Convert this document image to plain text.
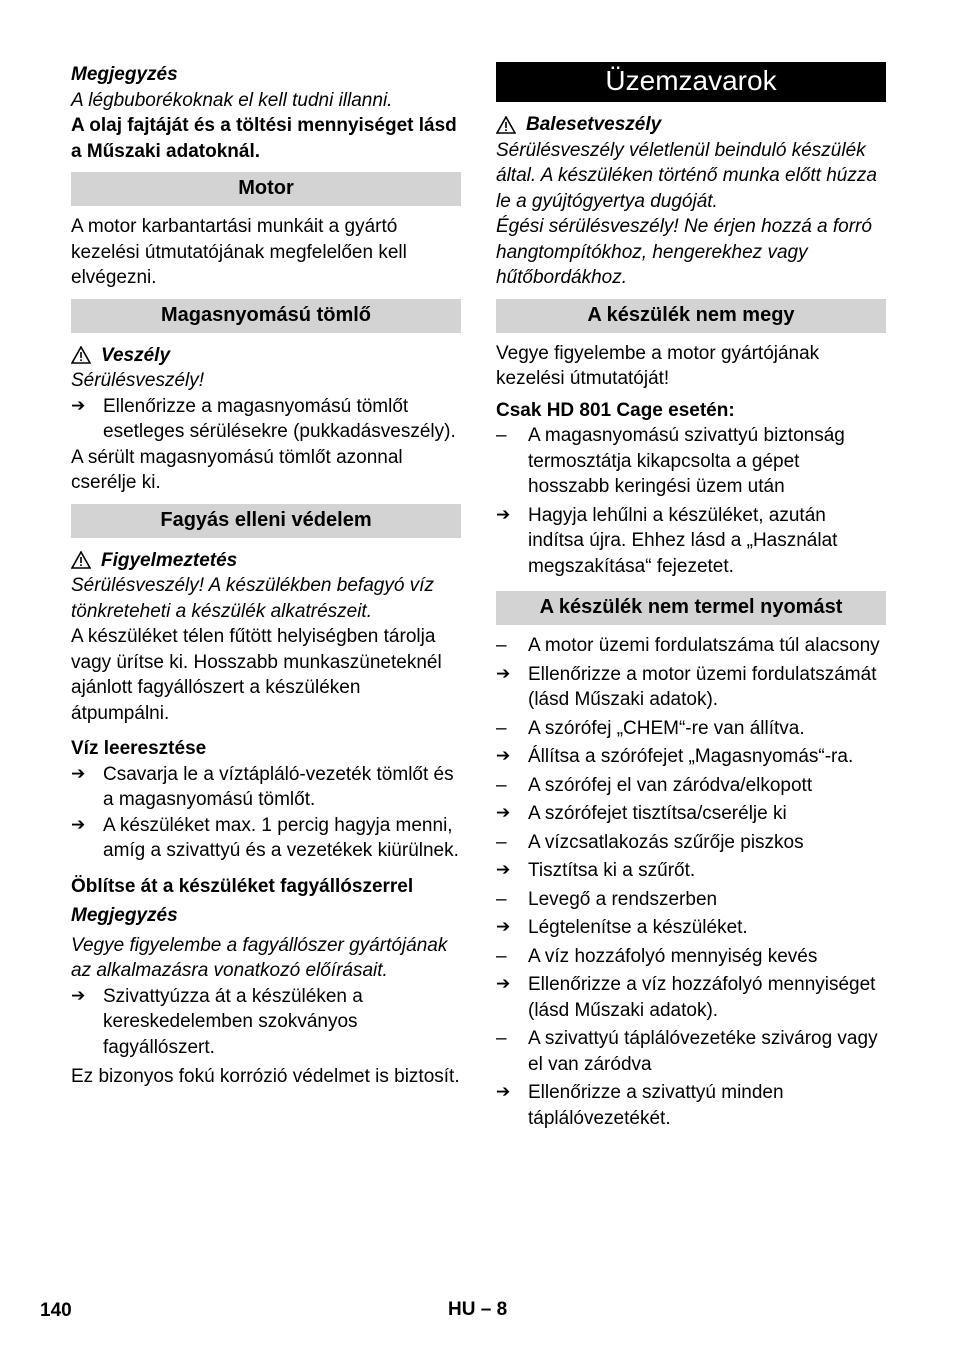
Megjegyzés

A légbuborékoknak el kell tudni illanni.

A olaj fajtáját és a töltési mennyiséget lásd a Műszaki adatoknál.

Motor

A motor karbantartási munkáit a gyártó kezelési útmutatójának megfelelően kell elvégezni.

Magasnyomású tömlő
Veszély

Sérülésveszély!

➔ Ellenőrizze a magasnyomású tömlőt esetleges sérülésekre (pukkadásveszély).

A sérült magasnyomású tömlőt azonnal cserélje ki.

Fagyás elleni védelem
Figyelmeztetés

Sérülésveszély! A készülékben befagyó víz tönkreteheti a készülék alkatrészeit.

A készüléket télen fűtött helyiségben tárolja vagy ürítse ki. Hosszabb munkaszüneteknél ajánlott fagyállószert a készüléken átpumpálni.

Víz leeresztése

➔ Csavarja le a víztápláló-vezeték tömlőt és a magasnyomású tömlőt.
➔ A készüléket max. 1 percig hagyja menni, amíg a szivattyú és a vezetékek kiürülnek.

Öblítse át a készüléket fagyállószerrel

Megjegyzés

Vegye figyelembe a fagyállószer gyártójának az alkalmazásra vonatkozó előírásait.

➔ Szivattyúzza át a készüléken a kereskedelemben szokványos fagyállószert.

Ez bizonyos fokú korrózió védelmet is biztosít.

Üzemzavarok
Balesetveszély

Sérülésveszély véletlenül beinduló készülék által. A készüléken történő munka előtt húzza le a gyújtógyertya dugóját.

Égési sérülésveszély! Ne érjen hozzá a forró hangtompítókhoz, hengerekhez vagy hűtőbordákhoz.

A készülék nem megy

Vegye figyelembe a motor gyártójának kezelési útmutatóját!

Csak HD 801 Cage esetén:

–	A magasnyomású szivattyú biztonság termosztátja kikapcsolta a gépet hosszabb keringési üzem után
➔ Hagyja lehűlni a készüléket, azután indítsa újra. Ehhez lásd a „Használat megszakítása“ fejezetet.
A készülék nem termel nyomást
–	A motor üzemi fordulatszáma túl alacsony
➔ Ellenőrizze a motor üzemi fordulatszámát (lásd Műszaki adatok).
–	A szórófej „CHEM“-re van állítva.
➔ Állítsa a szórófejet „Magasnyomás“-ra.
–	A szórófej el van záródva/elkopott
➔ A szórófejet tisztítsa/cserélje ki
–	A vízcsatlakozás szűrője piszkos
➔ Tisztítsa ki a szűrőt.
–	Levegő a rendszerben
➔ Légtelenítse a készüléket.
–	A víz hozzáfolyó mennyiség kevés
➔ Ellenőrizze a víz hozzáfolyó mennyiséget (lásd Műszaki adatok).
–	A szivattyú táplálóvezetéke szivárog vagy el van záródva
➔ Ellenőrizze a szivattyú minden táplálóvezetékét.
140	HU – 8
